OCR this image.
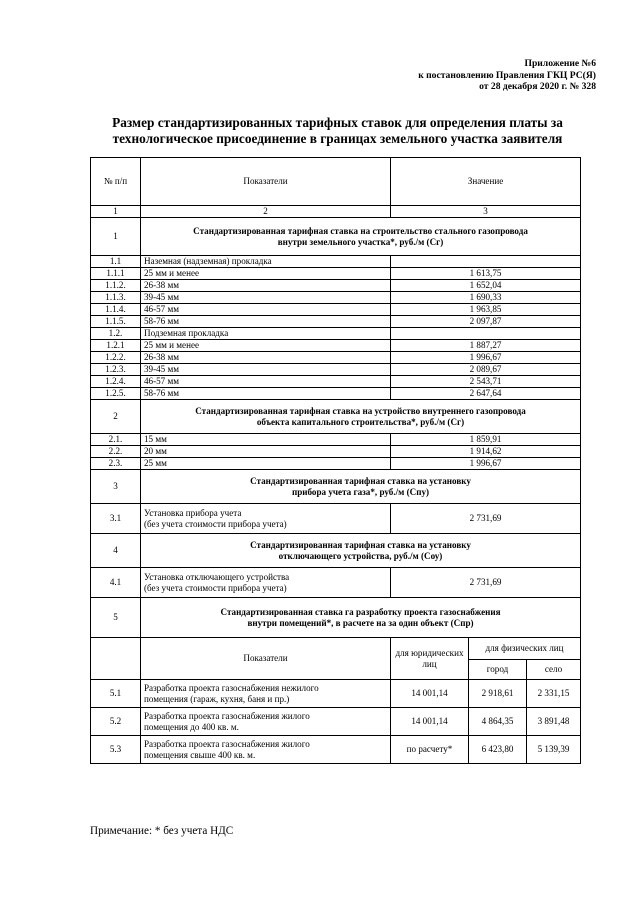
Приложение №6
к постановлению Правления ГКЦ РС(Я)
от 28 декабря 2020 г. № 328
Размер стандартизированных тарифных ставок для определения платы за
технологическое присоединение в границах земельного участка заявителя
№ п/п	Показатели	Значение		
1	2	3		
1	Стандартизированная тарифная ставка на строительство стального газопровода
внутри земельного участка*, руб./м (Сг)			

1.1	Наземная (надземная) прокладка			
1.1.1	25 мм и менее	1 613,75		
1.1.2.	26-38 мм	1 652,04		
1.1.3.	39-45 мм	1 690,33		
1.1.4.	46-57 мм	1 963,85		
1.1.5.	58-76 мм	2 097,87		
1.2.	Подземная прокладка			
1.2.1	25 мм и менее	1 887,27		
1.2.2.	26-38 мм	1 996,67		
1.2.3.	39-45 мм	2 089,67		
1.2.4.	46-57 мм	2 543,71		
1.2.5.	58-76 мм	2 647,64		
2	Стандартизированная тарифная ставка на устройство внутреннего газопровода
объекта капитального строительства*, руб./м (Сг)			

2.1.	15 мм	1 859,91		
2.2.	20 мм	1 914,62		
2.3.	25 мм	1 996,67		
3	Стандартизированная тарифная ставка на установку
прибора учета газа*, руб./м (Спу)			

3.1	Установка прибора учета
(без учета стоимости прибора учета)	2 731,69		
4	Стандартизированная тарифная ставка на установку
отключающего устройства, руб./м (Соу)			

4.1	Установка отключающего устройства
(без учета стоимости прибора учета)	2 731,69		
5	Стандартизированная ставка га разработку проекта газоснабжения
внутри помещений*, в расчете на за один объект (Спр)			

	Показатели	для юридических лиц	для физических лиц	
			город	село
5.1	Разработка проекта газоснабжения нежилого
помещения (гараж, кухня, баня и пр.)	14 001,14	2 918,61	2 331,15
5.2	Разработка проекта газоснабжения жилого
помещения до 400 кв. м.	14 001,14	4 864,35	3 891,48
5.3	Разработка проекта газоснабжения жилого
помещения свыше 400 кв. м.	по расчету*	6 423,80	5 139,39
Примечание: * без учета НДС
